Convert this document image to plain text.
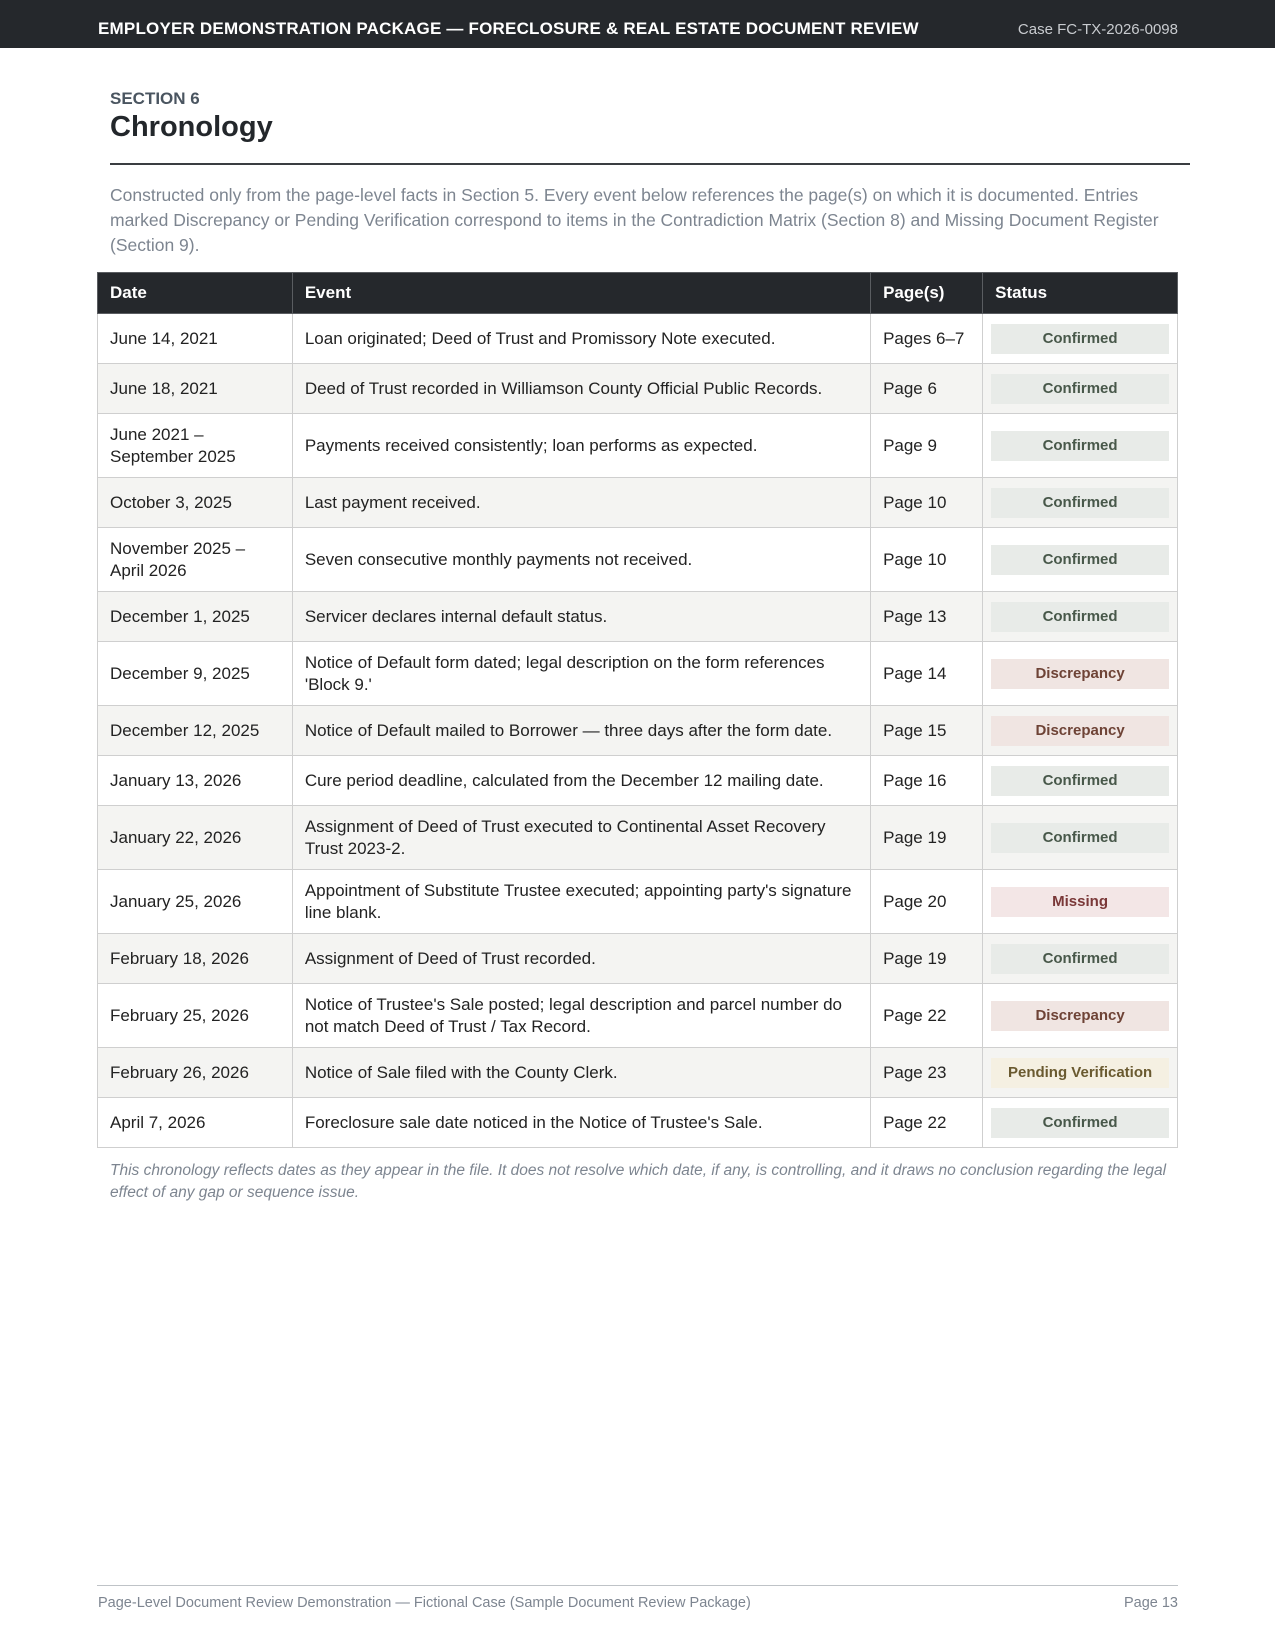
EMPLOYER DEMONSTRATION PACKAGE — FORECLOSURE & REAL ESTATE DOCUMENT REVIEW	Case FC-TX-2026-0098
SECTION 6
Chronology
Constructed only from the page-level facts in Section 5. Every event below references the page(s) on which it is documented. Entries marked Discrepancy or Pending Verification correspond to items in the Contradiction Matrix (Section 8) and Missing Document Register (Section 9).
Date	Event	Page(s)	Status
June 14, 2021	Loan originated; Deed of Trust and Promissory Note executed.	Pages 6–7	Confirmed

June 18, 2021	Deed of Trust recorded in Williamson County Official Public Records.	Page 6	Confirmed

June 2021 – September 2025	Payments received consistently; loan performs as expected.	Page 9	Confirmed

October 3, 2025	Last payment received.	Page 10	Confirmed

November 2025 – April 2026	Seven consecutive monthly payments not received.	Page 10	Confirmed

December 1, 2025	Servicer declares internal default status.	Page 13	Confirmed

December 9, 2025	Notice of Default form dated; legal description on the form references 'Block 9.'	Page 14	Discrepancy

December 12, 2025	Notice of Default mailed to Borrower — three days after the form date.	Page 15	Discrepancy

January 13, 2026	Cure period deadline, calculated from the December 12 mailing date.	Page 16	Confirmed

January 22, 2026	Assignment of Deed of Trust executed to Continental Asset Recovery Trust 2023-2.	Page 19	Confirmed

January 25, 2026	Appointment of Substitute Trustee executed; appointing party's signature line blank.	Page 20	Missing

February 18, 2026	Assignment of Deed of Trust recorded.	Page 19	Confirmed

February 25, 2026	Notice of Trustee's Sale posted; legal description and parcel number do not match Deed of Trust / Tax Record.	Page 22	Discrepancy

February 26, 2026	Notice of Sale filed with the County Clerk.	Page 23	Pending Verification

April 7, 2026	Foreclosure sale date noticed in the Notice of Trustee's Sale.	Page 22	Confirmed
This chronology reflects dates as they appear in the file. It does not resolve which date, if any, is controlling, and it draws no conclusion regarding the legal effect of any gap or sequence issue.
Page-Level Document Review Demonstration — Fictional Case (Sample Document Review Package)	Page 13
